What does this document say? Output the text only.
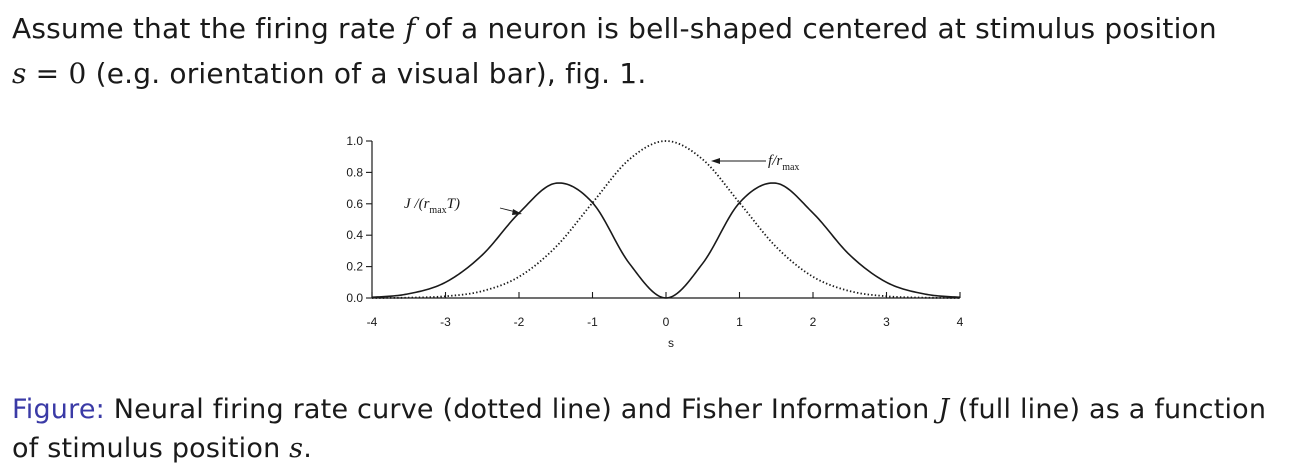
Assume that the firing rate f of a neuron is bell-shaped centered at stimulus position
s = 0 (e.g. orientation of a visual bar), fig. 1.
0.0
0.2
0.4
0.6
0.8
1.0
-4	-3	-2	-1	0	1	2	3	4
s
$f/r_{max}$
J $/(r_{max}T)$
Figure: Neural firing rate curve (dotted line) and Fisher Information J (full line) as a function of stimulus position s.
